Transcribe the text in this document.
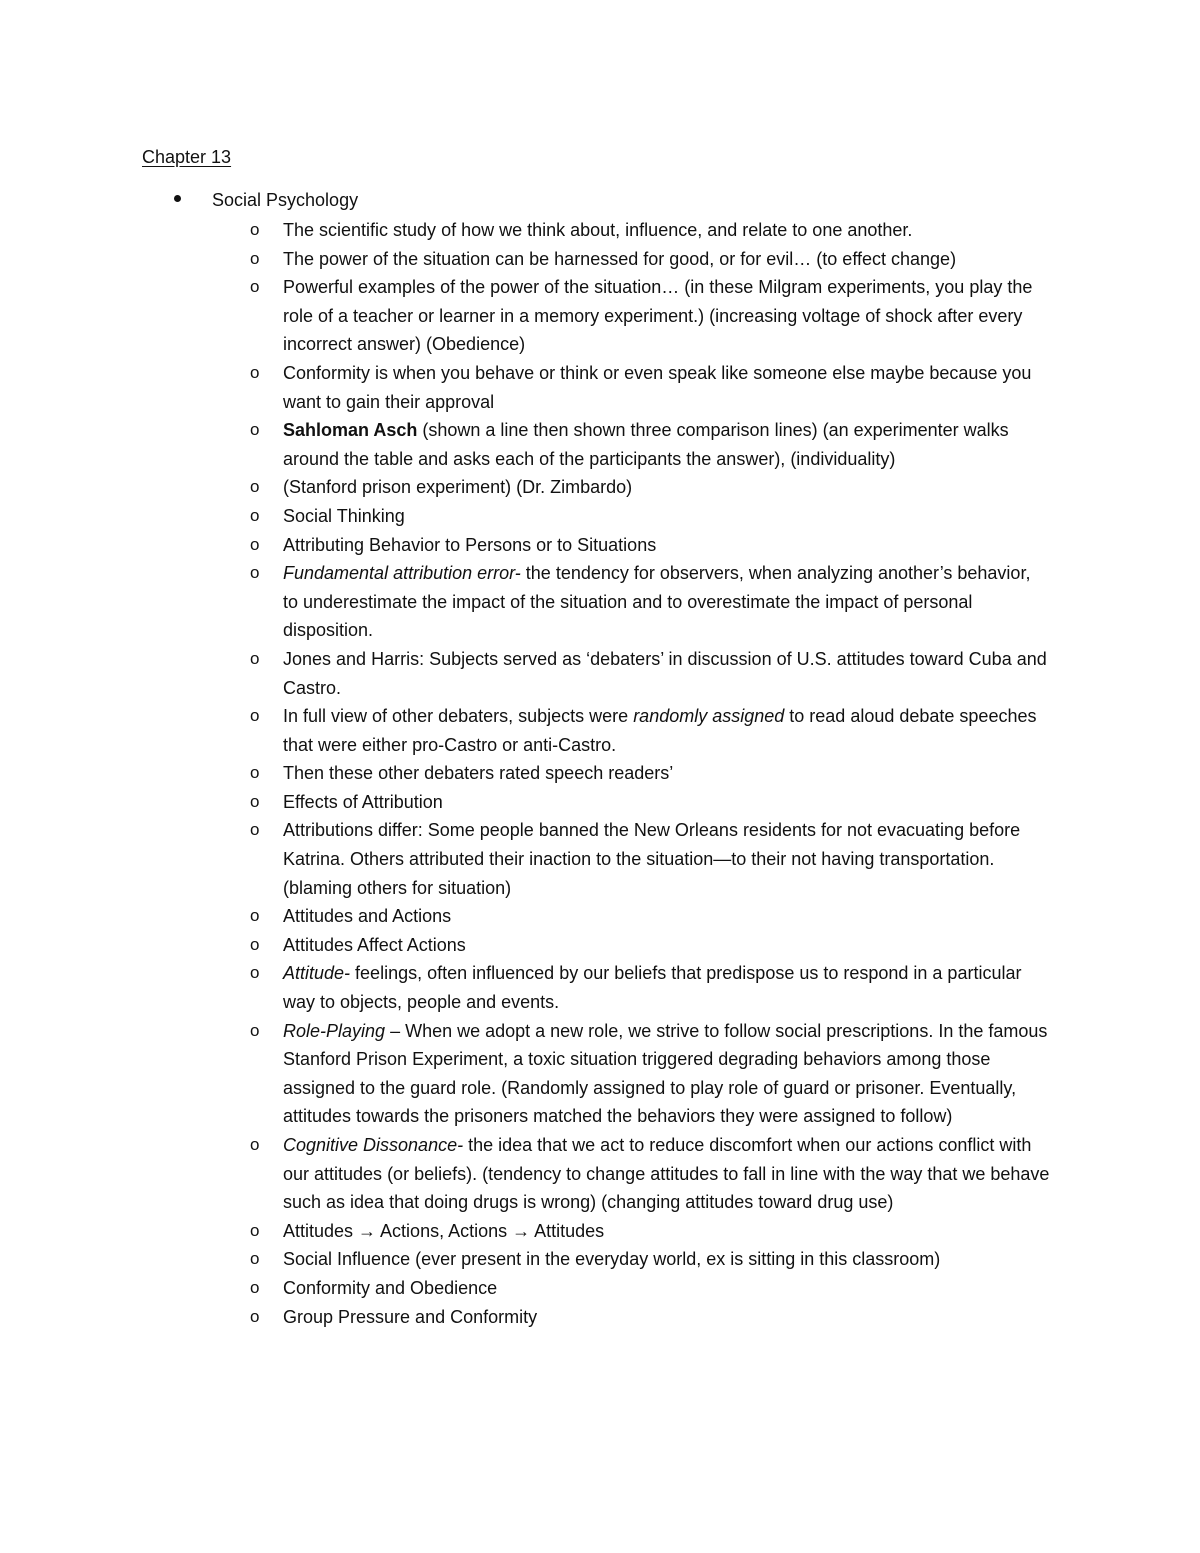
Chapter 13
Social Psychology
o The scientific study of how we think about, influence, and relate to one another.
o The power of the situation can be harnessed for good, or for evil… (to effect change)
o Powerful examples of the power of the situation… (in these Milgram experiments, you play the role of a teacher or learner in a memory experiment.) (increasing voltage of shock after every incorrect answer) (Obedience)
o Conformity is when you behave or think or even speak like someone else maybe because you want to gain their approval
o Sahloman Asch (shown a line then shown three comparison lines) (an experimenter walks around the table and asks each of the participants the answer), (individuality)
o (Stanford prison experiment) (Dr. Zimbardo)
o Social Thinking
o Attributing Behavior to Persons or to Situations
o Fundamental attribution error- the tendency for observers, when analyzing another’s behavior, to underestimate the impact of the situation and to overestimate the impact of personal disposition.
o Jones and Harris: Subjects served as ‘debaters’ in discussion of U.S. attitudes toward Cuba and Castro.
o In full view of other debaters, subjects were randomly assigned to read aloud debate speeches that were either pro-Castro or anti-Castro.
o Then these other debaters rated speech readers’
o Effects of Attribution
o Attributions differ: Some people banned the New Orleans residents for not evacuating before Katrina. Others attributed their inaction to the situation—to their not having transportation. (blaming others for situation)
o Attitudes and Actions
o Attitudes Affect Actions
o Attitude- feelings, often influenced by our beliefs that predispose us to respond in a particular way to objects, people and events.
o Role-Playing – When we adopt a new role, we strive to follow social prescriptions. In the famous Stanford Prison Experiment, a toxic situation triggered degrading behaviors among those assigned to the guard role. (Randomly assigned to play role of guard or prisoner. Eventually, attitudes towards the prisoners matched the behaviors they were assigned to follow)
o Cognitive Dissonance- the idea that we act to reduce discomfort when our actions conflict with our attitudes (or beliefs). (tendency to change attitudes to fall in line with the way that we behave such as idea that doing drugs is wrong) (changing attitudes toward drug use)
o Attitudes → Actions, Actions → Attitudes
o Social Influence (ever present in the everyday world, ex is sitting in this classroom)
o Conformity and Obedience
o Group Pressure and Conformity
